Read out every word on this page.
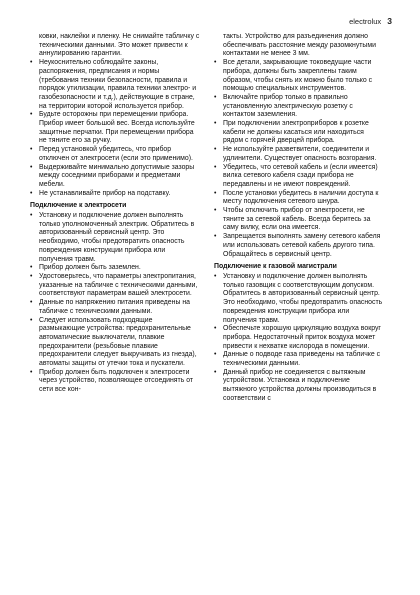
electrolux 3

ковки, наклейки и пленку. Не снимайте табличку с техническими данными. Это может привести к аннулированию гарантии.

• Неукоснительно соблюдайте законы, распоряжения, предписания и нормы (требования техники безопасности, правила и порядок утилизации, правила техники электро- и газобезопасности и т.д.), действующие в стране, на территории которой используется прибор.

• Будьте осторожны при перемещении прибора. Прибор имеет большой вес. Всегда используйте защитные перчатки. При перемещении прибора не тяните его за ручку.

• Перед установкой убедитесь, что прибор отключен от электросети (если это применимо).

• Выдерживайте минимально допустимые зазоры между соседними приборами и предметами мебели.

• Не устанавливайте прибор на подставку.

Подключение к электросети

• Установку и подключение должен выполнять только уполномоченный электрик. Обратитесь в авторизованный сервисный центр. Это необходимо, чтобы предотвратить опасность повреждения конструкции прибора или получения травм.

• Прибор должен быть заземлен.

• Удостоверьтесь, что параметры электропитания, указанные на табличке с техническими данными, соответствуют параметрам вашей электросети.

• Данные по напряжению питания приведены на табличке с техническими данными.

• Следует использовать подходящие размыкающие устройства: предохранительные автоматические выключатели, плавкие предохранители (резьбовые плавкие предохранители следует выкручивать из гнезда), автоматы защиты от утечки тока и пускатели.

• Прибор должен быть подключен к электросети через устройство, позволяющее отсоединять от сети все кон-

такты. Устройство для разъединения должно обеспечивать расстояние между разомкнутыми контактами не менее 3 мм.

• Все детали, закрывающие токоведущие части прибора, должны быть закреплены таким образом, чтобы снять их можно было только с помощью специальных инструментов.

• Включайте прибор только в правильно установленную электрическую розетку с контактом заземления.

• При подключении электроприборов к розетке кабели не должны касаться или находиться рядом с горячей дверцей прибора.

• Не используйте разветвители, соединители и удлинители. Существует опасность возгорания.

• Убедитесь, что сетевой кабель и (если имеется) вилка сетевого кабеля сзади прибора не передавлены и не имеют повреждений.

• После установки убедитесь в наличии доступа к месту подключения сетевого шнура.

• Чтобы отключить прибор от электросети, не тяните за сетевой кабель. Всегда беритесь за саму вилку, если она имеется.

• Запрещается выполнять замену сетевого кабеля или использовать сетевой кабель другого типа. Обращайтесь в сервисный центр.

Подключение к газовой магистрали

• Установку и подключение должен выполнять только газовщик с соответствующим допуском. Обратитесь в авторизованный сервисный центр. Это необходимо, чтобы предотвратить опасность повреждения конструкции прибора или получения травм.

• Обеспечьте хорошую циркуляцию воздуха вокруг прибора. Недостаточный приток воздуха может привести к нехватке кислорода в помещении.

• Данные о подводе газа приведены на табличке с техническими данными.

• Данный прибор не соединяется с вытяжным устройством. Установка и подключение вытяжного устройства должны производиться в соответствии с
